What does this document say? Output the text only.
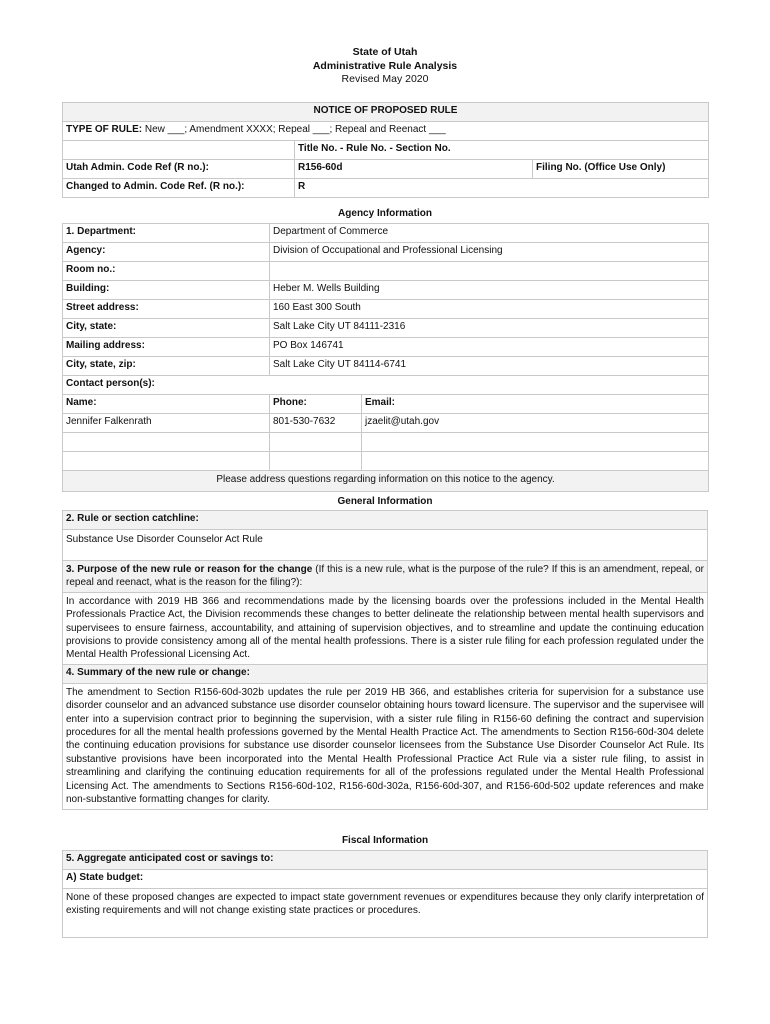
State of Utah
Administrative Rule Analysis
Revised May 2020
NOTICE OF PROPOSED RULE		
TYPE OF RULE: New ___; Amendment XXXX; Repeal ___; Repeal and Reenact ___		
	Title No. - Rule No. - Section No.	
Utah Admin. Code Ref (R no.):	R156-60d	Filing No. (Office Use Only)
Changed to Admin. Code Ref. (R no.):	R	
Agency Information
1. Department:	Department of Commerce	
Agency:	Division of Occupational and Professional Licensing	
Room no.:		
Building:	Heber M. Wells Building	
Street address:	160 East 300 South	
City, state:	Salt Lake City UT 84111-2316	
Mailing address:	PO Box 146741	
City, state, zip:	Salt Lake City UT 84114-6741	
Contact person(s):		
Name:	Phone:	Email:
Jennifer Falkenrath	801-530-7632	jzaelit@utah.gov

Please address questions regarding information on this notice to the agency.		
General Information
2. Rule or section catchline:
Substance Use Disorder Counselor Act Rule
3. Purpose of the new rule or reason for the change (If this is a new rule, what is the purpose of the rule? If this is an amendment, repeal, or repeal and reenact, what is the reason for the filing?):
In accordance with 2019 HB 366 and recommendations made by the licensing boards over the professions included in the Mental Health Professionals Practice Act, the Division recommends these changes to better delineate the relationship between mental health supervisors and supervisees to ensure fairness, accountability, and attaining of supervision objectives, and to streamline and update the continuing education provisions to provide consistency among all of the mental health professions. There is a sister rule filing for each profession regulated under the Mental Health Professional Licensing Act.
4. Summary of the new rule or change:
The amendment to Section R156-60d-302b updates the rule per 2019 HB 366, and establishes criteria for supervision for a substance use disorder counselor and an advanced substance use disorder counselor obtaining hours toward licensure. The supervisor and the supervisee will enter into a supervision contract prior to beginning the supervision, with a sister rule filing in R156-60 defining the contract and supervision procedures for all the mental health professions governed by the Mental Health Practice Act. The amendments to Section R156-60d-304 delete the continuing education provisions for substance use disorder counselor licensees from the Substance Use Disorder Counselor Act Rule. Its substantive provisions have been incorporated into the Mental Health Professional Practice Act Rule via a sister rule filing, to assist in streamlining and clarifying the continuing education requirements for all of the professions regulated under the Mental Health Professional Licensing Act. The amendments to Sections R156-60d-102, R156-60d-302a, R156-60d-307, and R156-60d-502 update references and make non-substantive formatting changes for clarity.
Fiscal Information
5. Aggregate anticipated cost or savings to:
A) State budget:
None of these proposed changes are expected to impact state government revenues or expenditures because they only clarify interpretation of existing requirements and will not change existing state practices or procedures.
